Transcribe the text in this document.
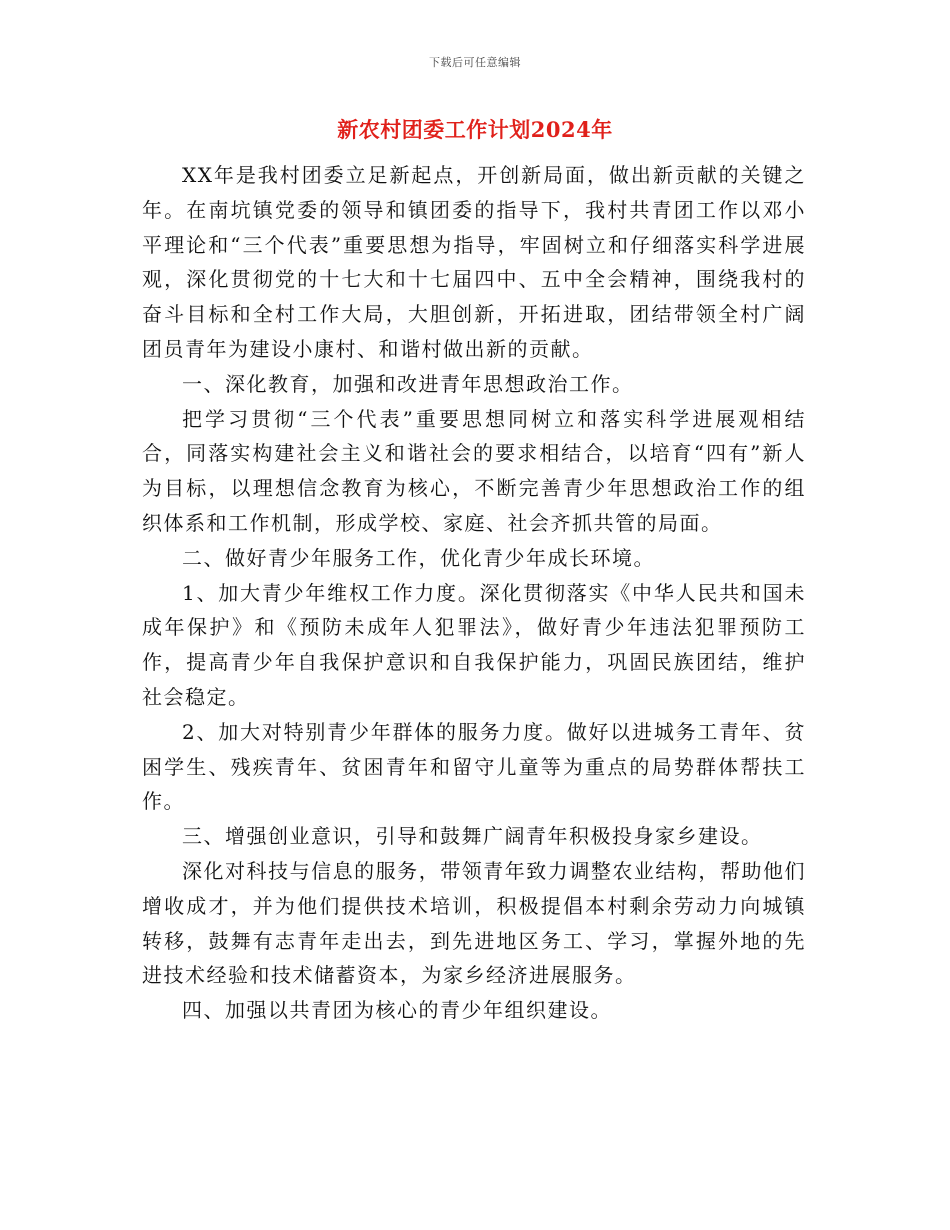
下载后可任意编辑
新农村团委工作计划2024年

XX年是我村团委立足新起点，开创新局面，做出新贡献的关键之年。在南坑镇党委的领导和镇团委的指导下，我村共青团工作以邓小平理论和“三个代表”重要思想为指导，牢固树立和仔细落实科学进展观，深化贯彻党的十七大和十七届四中、五中全会精神，围绕我村的奋斗目标和全村工作大局，大胆创新，开拓进取，团结带领全村广阔团员青年为建设小康村、和谐村做出新的贡献。

一、深化教育，加强和改进青年思想政治工作。

把学习贯彻“三个代表”重要思想同树立和落实科学进展观相结合，同落实构建社会主义和谐社会的要求相结合，以培育“四有”新人为目标，以理想信念教育为核心，不断完善青少年思想政治工作的组织体系和工作机制，形成学校、家庭、社会齐抓共管的局面。

二、做好青少年服务工作，优化青少年成长环境。

1、加大青少年维权工作力度。深化贯彻落实《中华人民共和国未成年保护》和《预防未成年人犯罪法》，做好青少年违法犯罪预防工作，提高青少年自我保护意识和自我保护能力，巩固民族团结，维护社会稳定。

2、加大对特别青少年群体的服务力度。做好以进城务工青年、贫困学生、残疾青年、贫困青年和留守儿童等为重点的局势群体帮扶工作。

三、增强创业意识，引导和鼓舞广阔青年积极投身家乡建设。

深化对科技与信息的服务，带领青年致力调整农业结构，帮助他们增收成才，并为他们提供技术培训，积极提倡本村剩余劳动力向城镇转移，鼓舞有志青年走出去，到先进地区务工、学习，掌握外地的先进技术经验和技术储蓄资本，为家乡经济进展服务。

四、加强以共青团为核心的青少年组织建设。
